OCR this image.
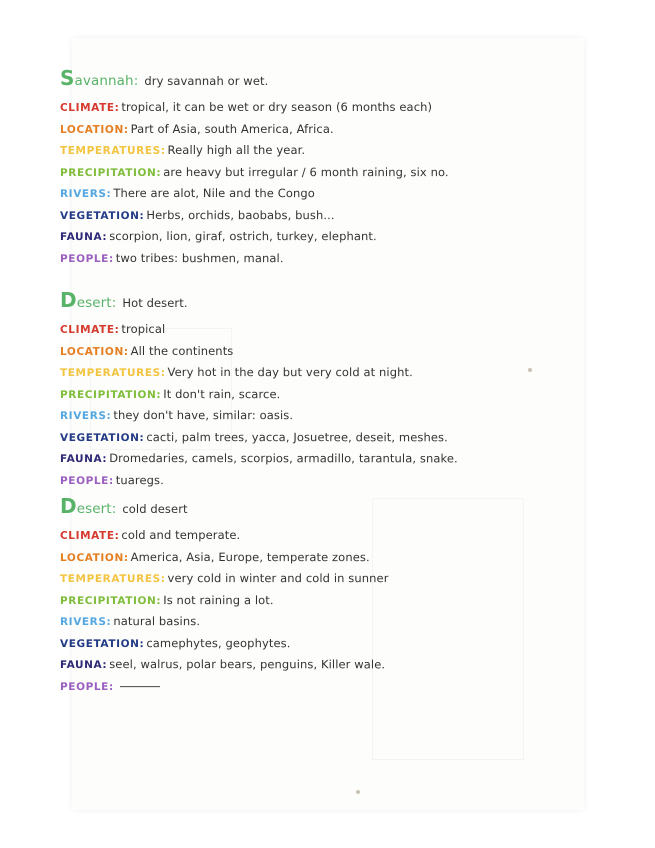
Savannah: dry savannah or wet.
CLIMATE: tropical, it can be wet or dry season (6 months each)
LOCATION: Part of Asia, south America, Africa.
TEMPERATURES: Really high all the year.
PRECIPITATION: are heavy but irregular / 6 month raining, six no.
RIVERS: There are alot, Nile and the Congo
VEGETATION: Herbs, orchids, baobabs, bush...
FAUNA: scorpion, lion, giraf, ostrich, turkey, elephant.
PEOPLE: two tribes: bushmen, manal.
Desert: Hot desert.
CLIMATE: tropical
LOCATION: All the continents
TEMPERATURES: Very hot in the day but very cold at night.
PRECIPITATION: It don't rain, scarce.
RIVERS: they don't have, similar: oasis.
VEGETATION: cacti, palm trees, yacca, Josuetree, deseit, meshes.
FAUNA: Dromedaries, camels, scorpios, armadillo, tarantula, snake.
PEOPLE: tuaregs.
Desert: cold desert
CLIMATE: cold and temperate.
LOCATION: America, Asia, Europe, temperate zones.
TEMPERATURES: very cold in winter and cold in sunner
PRECIPITATION: Is not raining a lot.
RIVERS: natural basins.
VEGETATION: camephytes, geophytes.
FAUNA: seel, walrus, polar bears, penguins, Killer wale.
PEOPLE:
